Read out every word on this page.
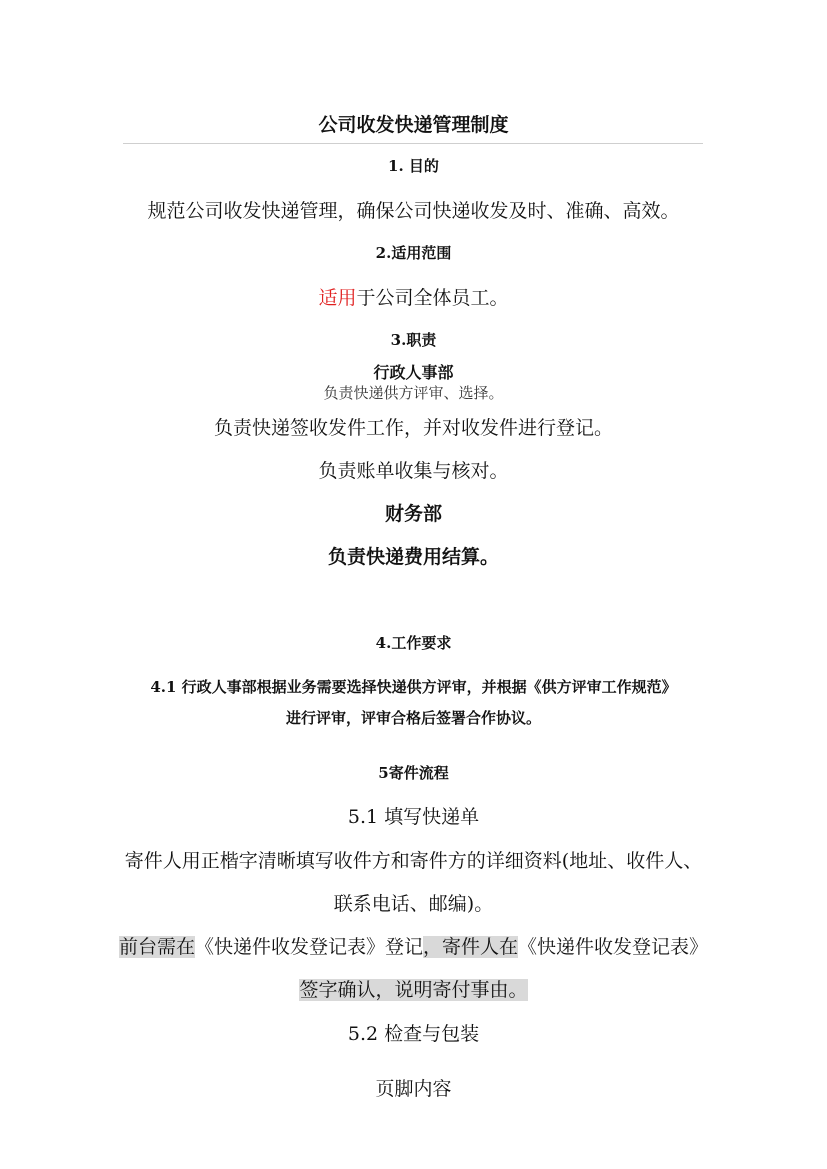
公司收发快递管理制度
1. 目的
规范公司收发快递管理，确保公司快递收发及时、准确、高效。
2.适用范围
适用于公司全体员工。
3.职责
行政人事部
负责快递供方评审、选择。
负责快递签收发件工作，并对收发件进行登记。
负责账单收集与核对。
财务部
负责快递费用结算。
4.工作要求
4.1 行政人事部根据业务需要选择快递供方评审，并根据《供方评审工作规范》
进行评审，评审合格后签署合作协议。
5寄件流程
5.1 填写快递单
寄件人用正楷字清晰填写收件方和寄件方的详细资料(地址、收件人、
联系电话、邮编)。
前台需在《快递件收发登记表》登记，寄件人在《快递件收发登记表》
签字确认，说明寄付事由。
5.2 检查与包装
页脚内容
